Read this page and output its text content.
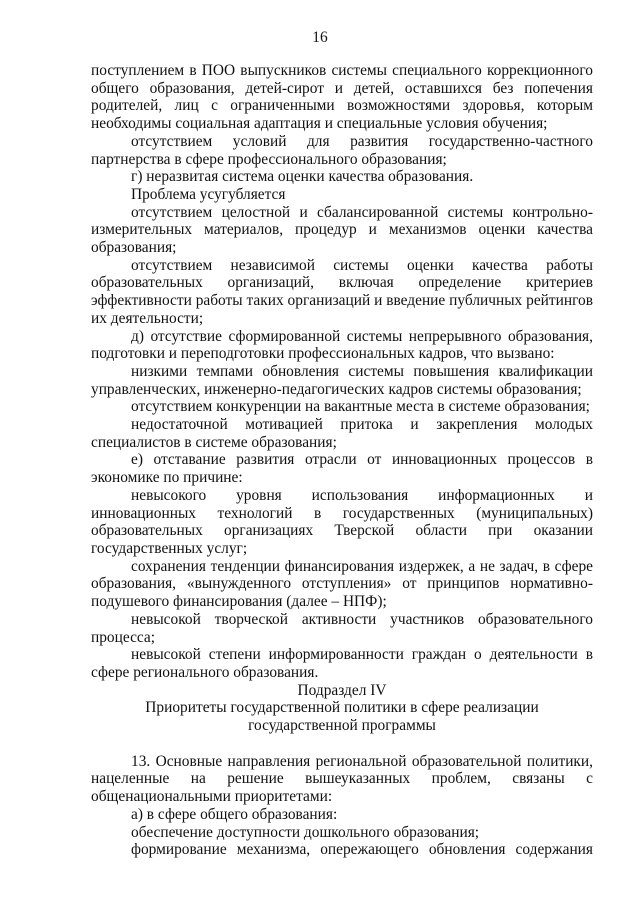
16

поступлением в ПОО выпускников системы специального коррекционного общего образования, детей-сирот и детей, оставшихся без попечения родителей, лиц с ограниченными возможностями здоровья, которым необходимы социальная адаптация и специальные условия обучения;

отсутствием условий для развития государственно-частного партнерства в сфере профессионального образования;

г) неразвитая система оценки качества образования.

Проблема усугубляется

отсутствием целостной и сбалансированной системы контрольно-измерительных материалов, процедур и механизмов оценки качества образования;

отсутствием независимой системы оценки качества работы образовательных организаций, включая определение критериев эффективности работы таких организаций и введение публичных рейтингов их деятельности;

д) отсутствие сформированной системы непрерывного образования, подготовки и переподготовки профессиональных кадров, что вызвано:

низкими темпами обновления системы повышения квалификации управленческих, инженерно-педагогических кадров системы образования;

отсутствием конкуренции на вакантные места в системе образования;

недостаточной мотивацией притока и закрепления молодых специалистов в системе образования;

е) отставание развития отрасли от инновационных процессов в экономике по причине:

невысокого уровня использования информационных и инновационных технологий в государственных (муниципальных) образовательных организациях Тверской области при оказании государственных услуг;

сохранения тенденции финансирования издержек, а не задач, в сфере образования, «вынужденного отступления» от принципов нормативно-подушевого финансирования (далее – НПФ);

невысокой творческой активности участников образовательного процесса;

невысокой степени информированности граждан о деятельности в сфере регионального образования.

Подраздел IV

Приоритеты государственной политики в сфере реализации

государственной программы

13. Основные направления региональной образовательной политики, нацеленные на решение вышеуказанных проблем, связаны с общенациональными приоритетами:

а) в сфере общего образования:

обеспечение доступности дошкольного образования;

формирование механизма, опережающего обновления содержания
